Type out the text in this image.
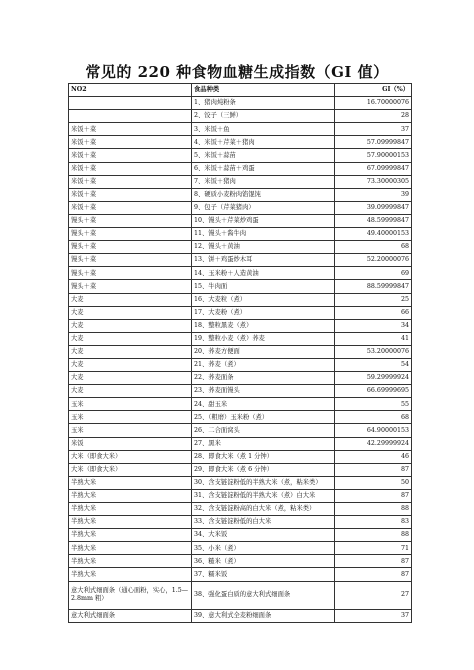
常见的 220 种食物血糖生成指数（GI 值）
NO2	食品种类	GI（%）
	1、猪肉炖粉条	16.70000076
	2、饺子（三鲜）	28
米饭＋菜	3、米饭＋鱼	37
米饭＋菜	4、米饭＋芹菜＋猪肉	57.09999847
米饭＋菜	5、米饭＋蒜苗	57.90000153
米饭＋菜	6、米饭＋蒜苗＋鸡蛋	67.09999847
米饭＋菜	7、米饭＋猪肉	73.30000305
米饭＋菜	8、硬质小麦粉肉馅馄饨	39
米饭＋菜	9、包子（芹菜猪肉）	39.09999847
馒头＋菜	10、馒头＋芹菜炒鸡蛋	48.59999847
馒头＋菜	11、馒头＋酱牛肉	49.40000153
馒头＋菜	12、馒头＋黄油	68
馒头＋菜	13、饼＋鸡蛋炒木耳	52.20000076
馒头＋菜	14、玉米粉＋人造黄油	69
馒头＋菜	15、牛肉面	88.59999847
大麦	16、大麦粒（煮）	25
大麦	17、大麦粉（煮）	66
大麦	18、整粒黑麦（煮）	34
大麦	19、整粒小麦（煮）荞麦	41
大麦	20、荞麦方便面	53.20000076
大麦	21、荞麦（煮）	54
大麦	22、荞麦面条	59.29999924
大麦	23、荞麦面馒头	66.69999695
玉米	24、甜玉米	55
玉米	25、（粗磨）玉米粉（煮）	68
玉米	26、二合面窝头	64.90000153
米饭	27、黑米	42.29999924
大米（即食大米）	28、即食大米（煮 1 分钟）	46
大米（即食大米）	29、即食大米（煮 6 分钟）	87
半熟大米	30、含支链淀粉低的半熟大米（煮，粘米类）	50
半熟大米	31、含支链淀粉低的半熟大米（煮）白大米	87
半熟大米	32、含支链淀粉高的白大米（煮，粘米类）	88
半熟大米	33、含支链淀粉低的白大米	83
半熟大米	34、大米饭	88
半熟大米	35、小米（煮）	71
半熟大米	36、糙米（煮）	87
半熟大米	37、糯米饭	87
意大利式细面条（通心面粉，实心，1.5—2.8mm 粗）	38、强化蛋白质的意大利式细面条	27
意大利式细面条	39、意大利式全麦粉细面条	37
